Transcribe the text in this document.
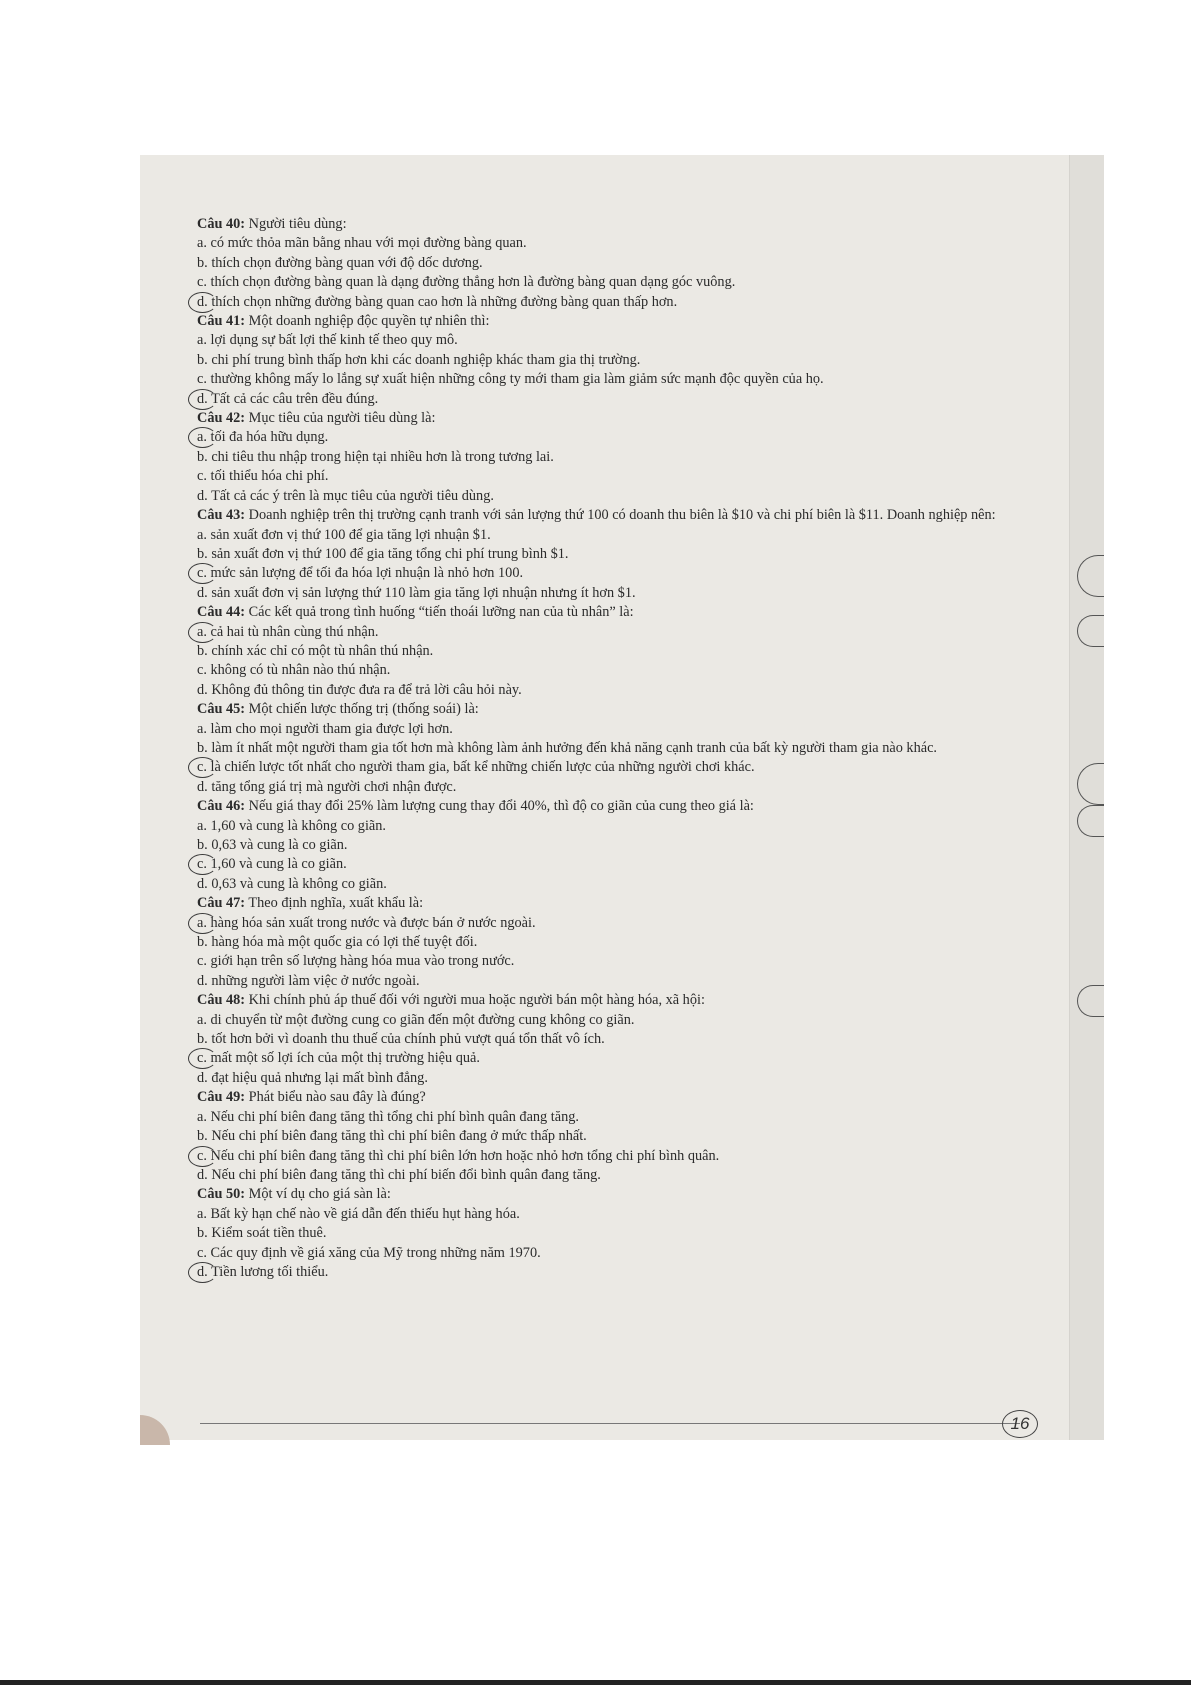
Câu 40: Người tiêu dùng:
a. có mức thỏa mãn bằng nhau với mọi đường bàng quan.
b. thích chọn đường bàng quan với độ dốc dương.
c. thích chọn đường bàng quan là dạng đường thẳng hơn là đường bàng quan dạng góc vuông.
d. thích chọn những đường bàng quan cao hơn là những đường bàng quan thấp hơn.
Câu 41: Một doanh nghiệp độc quyền tự nhiên thì:
a. lợi dụng sự bất lợi thế kinh tế theo quy mô.
b. chi phí trung bình thấp hơn khi các doanh nghiệp khác tham gia thị trường.
c. thường không mấy lo lắng sự xuất hiện những công ty mới tham gia làm giảm sức mạnh độc quyền của họ.
d. Tất cả các câu trên đều đúng.
Câu 42: Mục tiêu của người tiêu dùng là:
a. tối đa hóa hữu dụng.
b. chi tiêu thu nhập trong hiện tại nhiều hơn là trong tương lai.
c. tối thiểu hóa chi phí.
d. Tất cả các ý trên là mục tiêu của người tiêu dùng.
Câu 43: Doanh nghiệp trên thị trường cạnh tranh với sản lượng thứ 100 có doanh thu biên là $10 và chi phí biên là $11. Doanh nghiệp nên:
a. sản xuất đơn vị thứ 100 để gia tăng lợi nhuận $1.
b. sản xuất đơn vị thứ 100 để gia tăng tổng chi phí trung bình $1.
c. mức sản lượng để tối đa hóa lợi nhuận là nhỏ hơn 100.
d. sản xuất đơn vị sản lượng thứ 110 làm gia tăng lợi nhuận nhưng ít hơn $1.
Câu 44: Các kết quả trong tình huống “tiến thoái lưỡng nan của tù nhân” là:
a. cả hai tù nhân cùng thú nhận.
b. chính xác chỉ có một tù nhân thú nhận.
c. không có tù nhân nào thú nhận.
d. Không đủ thông tin được đưa ra để trả lời câu hỏi này.
Câu 45: Một chiến lược thống trị (thống soái) là:
a. làm cho mọi người tham gia được lợi hơn.
b. làm ít nhất một người tham gia tốt hơn mà không làm ảnh hưởng đến khả năng cạnh tranh của bất kỳ người tham gia nào khác.
c. là chiến lược tốt nhất cho người tham gia, bất kể những chiến lược của những người chơi khác.
d. tăng tổng giá trị mà người chơi nhận được.
Câu 46: Nếu giá thay đổi 25% làm lượng cung thay đổi 40%, thì độ co giãn của cung theo giá là:
a. 1,60 và cung là không co giãn.
b. 0,63 và cung là co giãn.
c. 1,60 và cung là co giãn.
d. 0,63 và cung là không co giãn.
Câu 47: Theo định nghĩa, xuất khẩu là:
a. hàng hóa sản xuất trong nước và được bán ở nước ngoài.
b. hàng hóa mà một quốc gia có lợi thế tuyệt đối.
c. giới hạn trên số lượng hàng hóa mua vào trong nước.
d. những người làm việc ở nước ngoài.
Câu 48: Khi chính phủ áp thuế đối với người mua hoặc người bán một hàng hóa, xã hội:
a. di chuyển từ một đường cung co giãn đến một đường cung không co giãn.
b. tốt hơn bởi vì doanh thu thuế của chính phủ vượt quá tổn thất vô ích.
c. mất một số lợi ích của một thị trường hiệu quả.
d. đạt hiệu quả nhưng lại mất bình đẳng.
Câu 49: Phát biểu nào sau đây là đúng?
a. Nếu chi phí biên đang tăng thì tổng chi phí bình quân đang tăng.
b. Nếu chi phí biên đang tăng thì chi phí biên đang ở mức thấp nhất.
c. Nếu chi phí biên đang tăng thì chi phí biên lớn hơn hoặc nhỏ hơn tổng chi phí bình quân.
d. Nếu chi phí biên đang tăng thì chi phí biến đổi bình quân đang tăng.
Câu 50: Một ví dụ cho giá sàn là:
a. Bất kỳ hạn chế nào về giá dẫn đến thiếu hụt hàng hóa.
b. Kiểm soát tiền thuê.
c. Các quy định về giá xăng của Mỹ trong những năm 1970.
d. Tiền lương tối thiểu.
16
